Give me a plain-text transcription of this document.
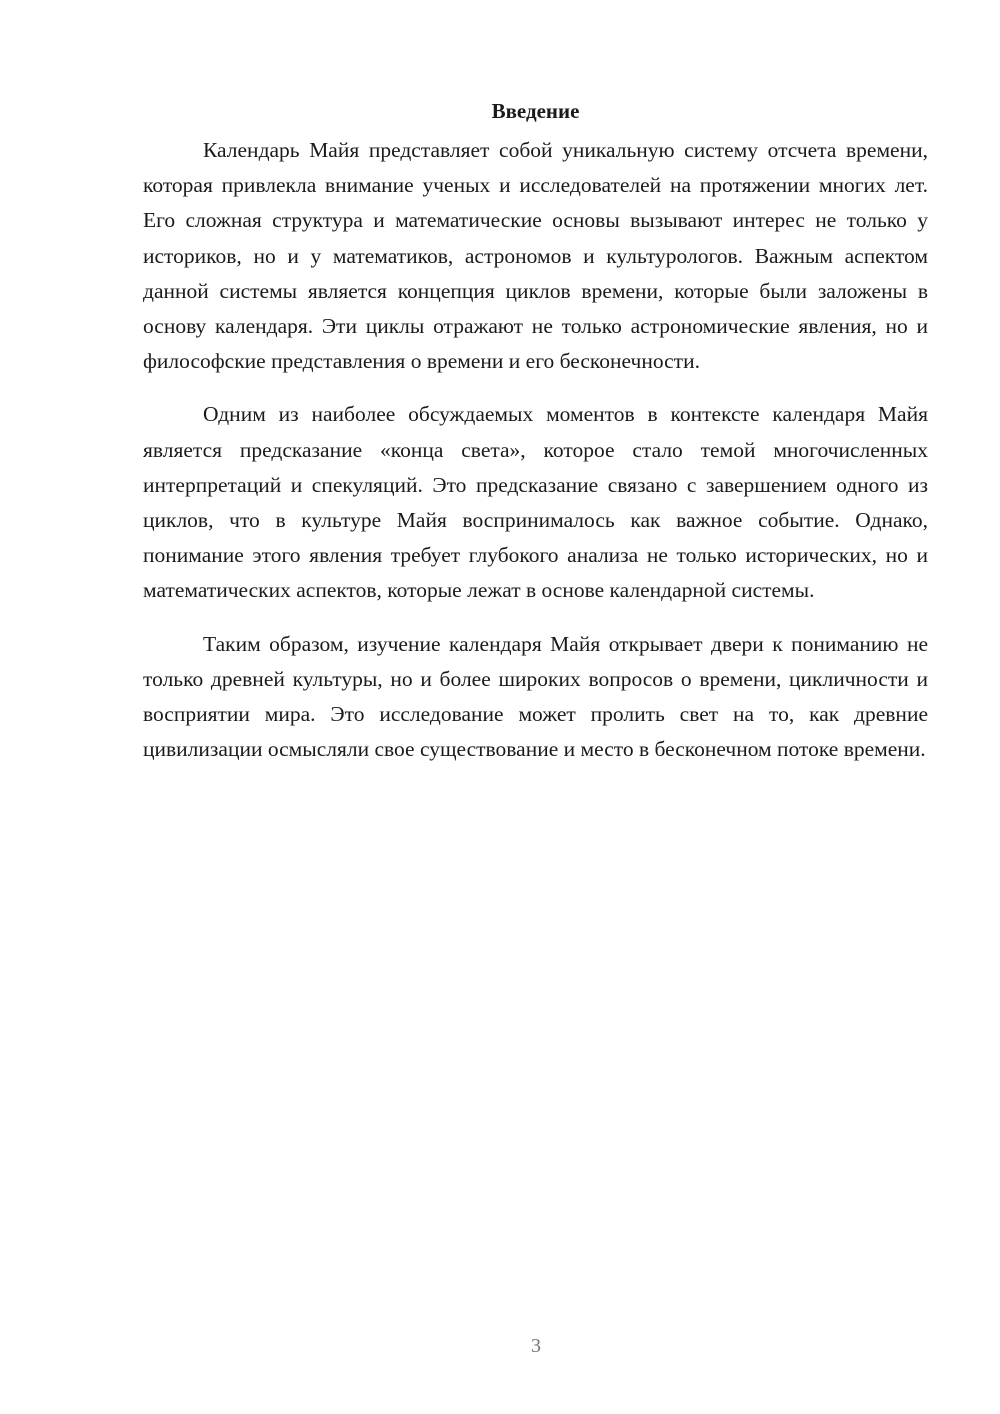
Введение

Календарь Майя представляет собой уникальную систему отсчета времени, которая привлекла внимание ученых и исследователей на протяжении многих лет. Его сложная структура и математические основы вызывают интерес не только у историков, но и у математиков, астрономов и культурологов. Важным аспектом данной системы является концепция циклов времени, которые были заложены в основу календаря. Эти циклы отражают не только астрономические явления, но и философские представления о времени и его бесконечности.

Одним из наиболее обсуждаемых моментов в контексте календаря Майя является предсказание «конца света», которое стало темой многочисленных интерпретаций и спекуляций. Это предсказание связано с завершением одного из циклов, что в культуре Майя воспринималось как важное событие. Однако, понимание этого явления требует глубокого анализа не только исторических, но и математических аспектов, которые лежат в основе календарной системы.

Таким образом, изучение календаря Майя открывает двери к пониманию не только древней культуры, но и более широких вопросов о времени, цикличности и восприятии мира. Это исследование может пролить свет на то, как древние цивилизации осмысляли свое существование и место в бесконечном потоке времени.

3
